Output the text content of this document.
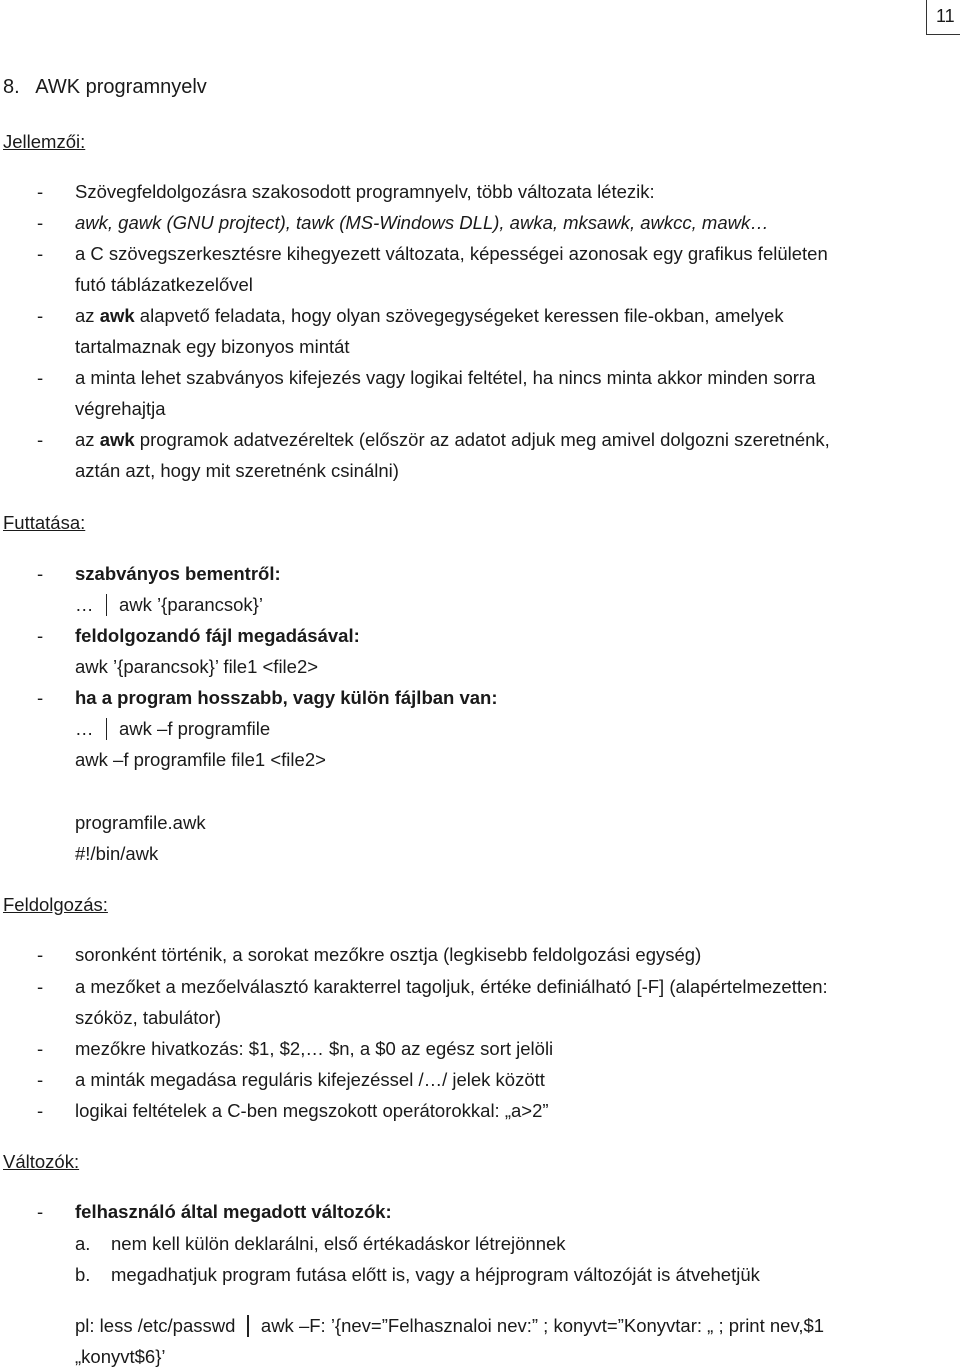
11
8. AWK programnyelv
Jellemzői:
- Szövegfeldolgozásra szakosodott programnyelv, több változata létezik:
- awk, gawk (GNU projtect), tawk (MS-Windows DLL), awka, mksawk, awkcc, mawk…
- a C szövegszerkesztésre kihegyezett változata, képességei azonosak egy grafikus felületen
futó táblázatkezelővel
- az awk alapvető feladata, hogy olyan szövegegységeket keressen file-okban, amelyek
tartalmaznak egy bizonyos mintát
- a minta lehet szabványos kifejezés vagy logikai feltétel, ha nincs minta akkor minden sorra
végrehajtja
- az awk programok adatvezéreltek (először az adatot adjuk meg amivel dolgozni szeretnénk,
aztán azt, hogy mit szeretnénk csinálni)
Futtatása:
- szabványos bementről:
… awk ’{parancsok}’
- feldolgozandó fájl megadásával:
awk ’{parancsok}’ file1 <file2>
- ha a program hosszabb, vagy külön fájlban van:
… awk –f programfile
awk –f programfile file1 <file2>
programfile.awk
#!/bin/awk
Feldolgozás:
- soronként történik, a sorokat mezőkre osztja (legkisebb feldolgozási egység)
- a mezőket a mezőelválasztó karakterrel tagoljuk, értéke definiálható [-F] (alapértelmezetten:
szóköz, tabulátor)
- mezőkre hivatkozás: $1, $2,… $n, a $0 az egész sort jelöli
- a minták megadása reguláris kifejezéssel /…/ jelek között
- logikai feltételek a C-ben megszokott operátorokkal: „a>2”
Változók:
- felhasználó által megadott változók:
a. nem kell külön deklarálni, első értékadáskor létrejönnek
b. megadhatjuk program futása előtt is, vagy a héjprogram változóját is átvehetjük
pl: less /etc/passwd awk –F: ’{nev=”Felhasznaloi nev:” ; konyvt=”Konyvtar: „ ; print nev,$1
„konyvt$6}’
